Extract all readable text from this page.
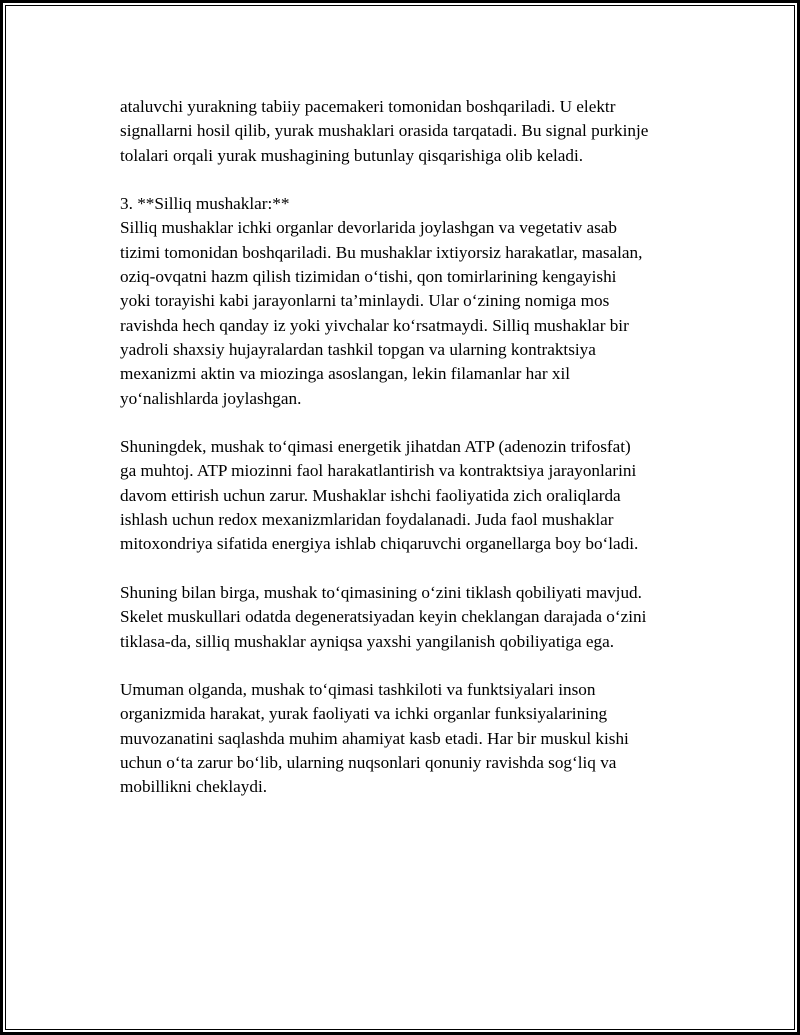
ataluvchi yurakning tabiiy pacemakeri tomonidan boshqariladi. U elektr
signallarni hosil qilib, yurak mushaklari orasida tarqatadi. Bu signal purkinje
tolalari orqali yurak mushagining butunlay qisqarishiga olib keladi.

3. **Silliq mushaklar:**
Silliq mushaklar ichki organlar devorlarida joylashgan va vegetativ asab
tizimi tomonidan boshqariladi. Bu mushaklar ixtiyorsiz harakatlar, masalan,
oziq-ovqatni hazm qilish tizimidan o‘tishi, qon tomirlarining kengayishi
yoki torayishi kabi jarayonlarni ta’minlaydi. Ular o‘zining nomiga mos
ravishda hech qanday iz yoki yivchalar ko‘rsatmaydi. Silliq mushaklar bir
yadroli shaxsiy hujayralardan tashkil topgan va ularning kontraktsiya
mexanizmi aktin va miozinga asoslangan, lekin filamanlar har xil
yo‘nalishlarda joylashgan.

Shuningdek, mushak to‘qimasi energetik jihatdan ATP (adenozin trifosfat)
ga muhtoj. ATP miozinni faol harakatlantirish va kontraktsiya jarayonlarini
davom ettirish uchun zarur. Mushaklar ishchi faoliyatida zich oraliqlarda
ishlash uchun redox mexanizmlaridan foydalanadi. Juda faol mushaklar
mitoxondriya sifatida energiya ishlab chiqaruvchi organellarga boy bo‘ladi.

Shuning bilan birga, mushak to‘qimasining o‘zini tiklash qobiliyati mavjud.
Skelet muskullari odatda degeneratsiyadan keyin cheklangan darajada o‘zini
tiklasa-da, silliq mushaklar ayniqsa yaxshi yangilanish qobiliyatiga ega.

Umuman olganda, mushak to‘qimasi tashkiloti va funktsiyalari inson
organizmida harakat, yurak faoliyati va ichki organlar funksiyalarining
muvozanatini saqlashda muhim ahamiyat kasb etadi. Har bir muskul kishi
uchun o‘ta zarur bo‘lib, ularning nuqsonlari qonuniy ravishda sog‘liq va
mobillikni cheklaydi.
